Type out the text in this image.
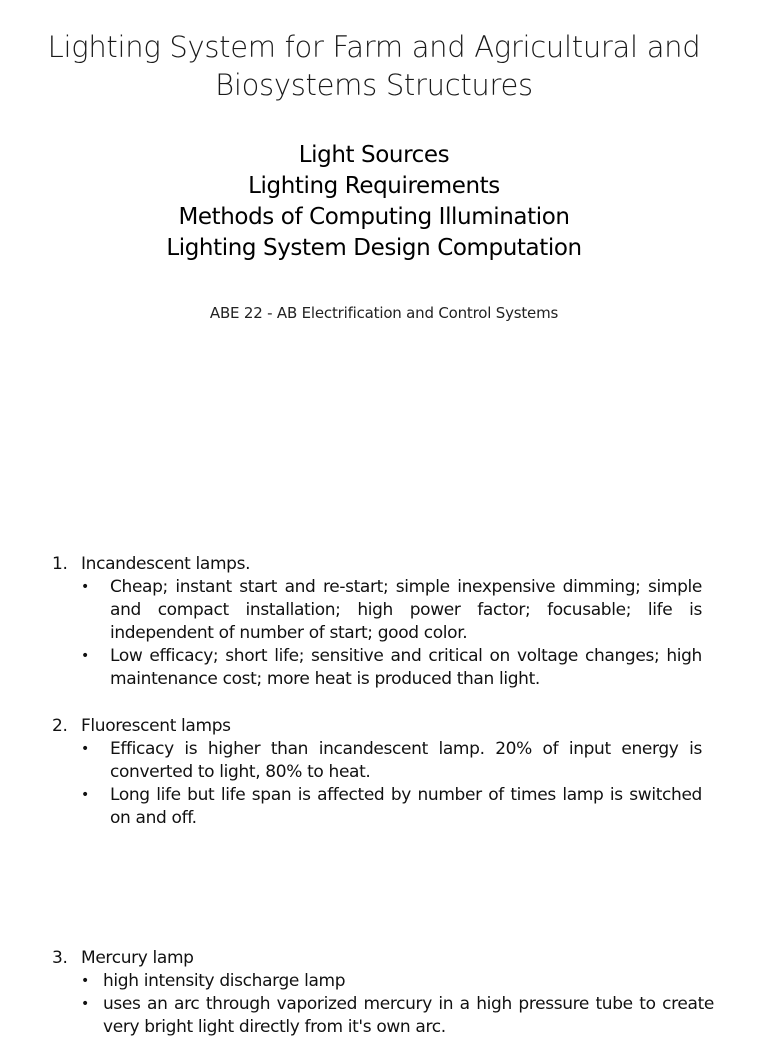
Lighting System for Farm and Agricultural and
Biosystems Structures
Light Sources
Lighting Requirements
Methods of Computing Illumination
Lighting System Design Computation
ABE 22 - AB Electrification and Control Systems
1. Incandescent lamps.
•	Cheap; instant start and re-start; simple inexpensive dimming; simple and compact installation; high power factor; focusable; life is independent of number of start; good color.
•	Low efficacy; short life; sensitive and critical on voltage changes; high maintenance cost; more heat is produced than light.
2. Fluorescent lamps
•	Efficacy is higher than incandescent lamp. 20% of input energy is converted to light, 80% to heat.
•	Long life but life span is affected by number of times lamp is switched on and off.
3. Mercury lamp
• high intensity discharge lamp
• uses an arc through vaporized mercury in a high pressure tube to create very bright light directly from it's own arc.
